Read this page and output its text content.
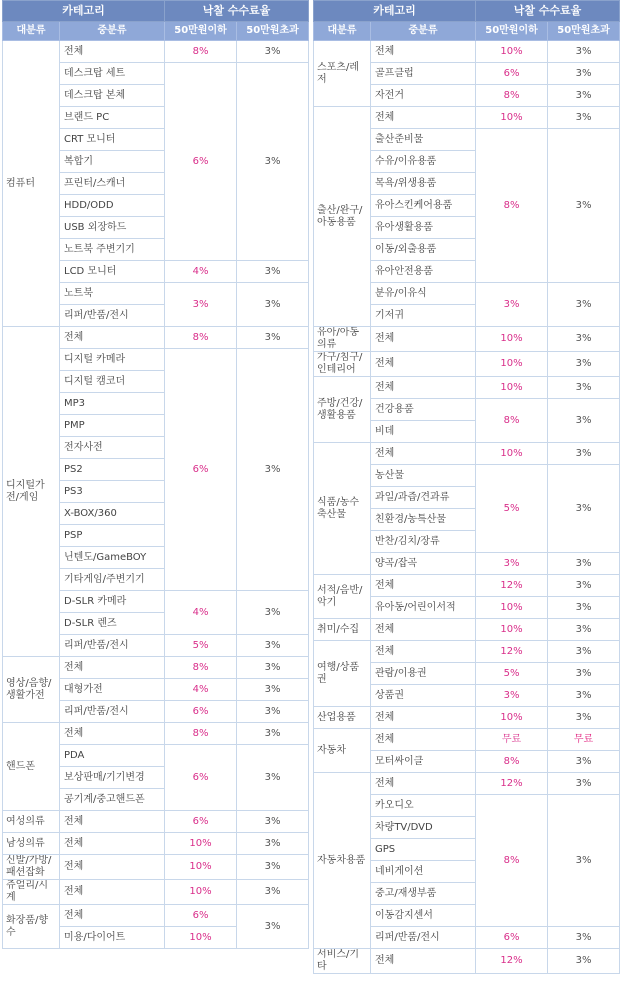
카테고리		낙찰 수수료율	
대분류	중분류	50만원이하	50만원초과
컴퓨터	전체	8%	3%
	데스크탑 세트	6%	3%
	데스크탑 본체		
	브랜드 PC		
	CRT 모니터		
	복합기		
	프린터/스캐너		
	HDD/ODD		
	USB 외장하드		
	노트북 주변기기		
	LCD 모니터	4%	3%
	노트북	3%	3%
	리퍼/반품/전시		
디지털가전/게임	전체	8%	3%
	디지털 카메라	6%	3%
	디지털 캠코더		
	MP3		
	PMP		
	전자사전		
	PS2		
	PS3		
	X-BOX/360		
	PSP		
	닌텐도/GameBOY		
	기타게임/주변기기		
	D-SLR 카메라	4%	3%
	D-SLR 렌즈		
	리퍼/반품/전시	5%	3%
영상/음향/생활가전	전체	8%	3%
	대형가전	4%	3%
	리퍼/반품/전시	6%	3%
핸드폰	전체	8%	3%
	PDA	6%	3%
	보상판매/기기변경		
	공기계/중고핸드폰		
여성의류	전체	6%	3%
남성의류	전체	10%	3%
신발/가방/패션잡화	전체	10%	3%
쥬얼리/시계	전체	10%	3%
화장품/향수	전체	6%	3%
	미용/다이어트	10%	
카테고리		낙찰 수수료율	
대분류	중분류	50만원이하	50만원초과
스포츠/레저	전체	10%	3%
	골프클럽	6%	3%
	자전거	8%	3%
출산/완구/아동용품	전체	10%	3%
	출산준비물	8%	3%
	수유/이유용품		
	목욕/위생용품		
	유아스킨케어용품		
	유아생활용품		
	이동/외출용품		
	유아안전용품		
	분유/이유식	3%	3%
	기저귀		
유아/아동의류	전체	10%	3%
가구/침구/인테리어	전체	10%	3%
주방/건강/생활용품	전체	10%	3%
	건강용품	8%	3%
	비데		
식품/농수축산물	전체	10%	3%
	농산물	5%	3%
	과일/과즙/견과류		
	친환경/농특산물		
	반찬/김치/장류		
	양곡/잡곡	3%	3%
서적/음반/악기	전체	12%	3%
	유아동/어린이서적	10%	3%
취미/수집	전체	10%	3%
여행/상품권	전체	12%	3%
	관람/이용권	5%	3%
	상품권	3%	3%
산업용품	전체	10%	3%
자동차	전체	무료	무료
	모터싸이클	8%	3%
자동차용품	전체	12%	3%
	카오디오	8%	3%
	차량TV/DVD		
	GPS		
	네비게이션		
	중고/재생부품		
	이동감지센서		
	리퍼/반품/전시	6%	3%
서비스/기타	전체	12%	3%
